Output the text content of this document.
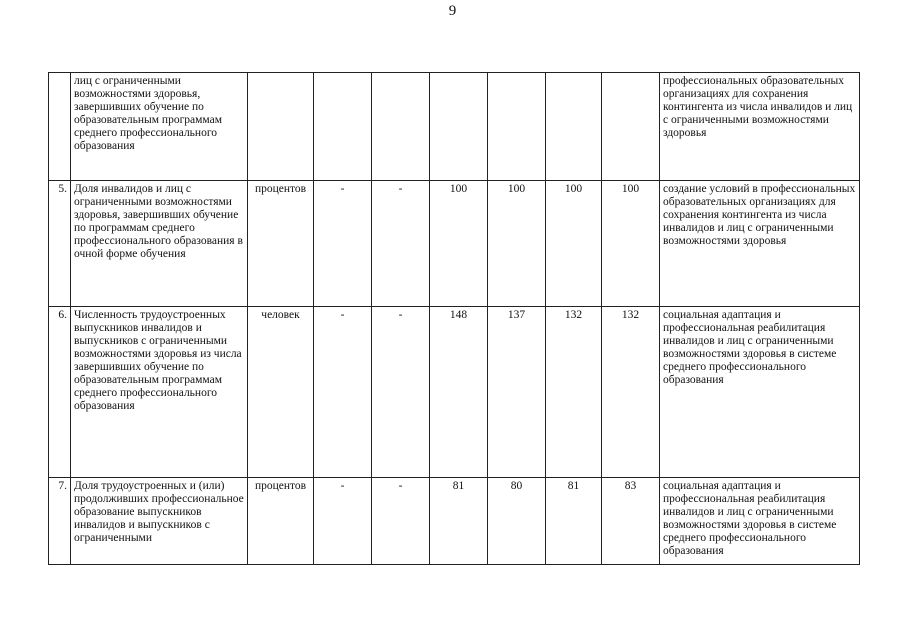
9
	лиц с ограниченными возможностями здоровья, завершивших обучение по образовательным программам среднего профессионального образования								профессиональных образовательных организациях для сохранения контингента из числа инвалидов и лиц с ограниченными возможностями здоровья
5.	Доля инвалидов и лиц с ограниченными возможностями здоровья, завершивших обучение по программам среднего профессионального образования в очной форме обучения	процентов	-	-	100	100	100	100	создание условий в профессиональных образовательных организациях для сохранения контингента из числа инвалидов и лиц с ограниченными возможностями здоровья
6.	Численность трудоустроенных выпускников инвалидов и выпускников с ограниченными возможностями здоровья из числа завершивших обучение по образовательным программам среднего профессионального образования	человек	-	-	148	137	132	132	социальная адаптация и профессиональная реабилитация инвалидов и лиц с ограниченными возможностями здоровья в системе среднего профессионального образования
7.	Доля трудоустроенных и (или) продолживших профессиональное образование выпускников инвалидов и выпускников с ограниченными	процентов	-	-	81	80	81	83	социальная адаптация и профессиональная реабилитация инвалидов и лиц с ограниченными возможностями здоровья в системе среднего профессионального образования
